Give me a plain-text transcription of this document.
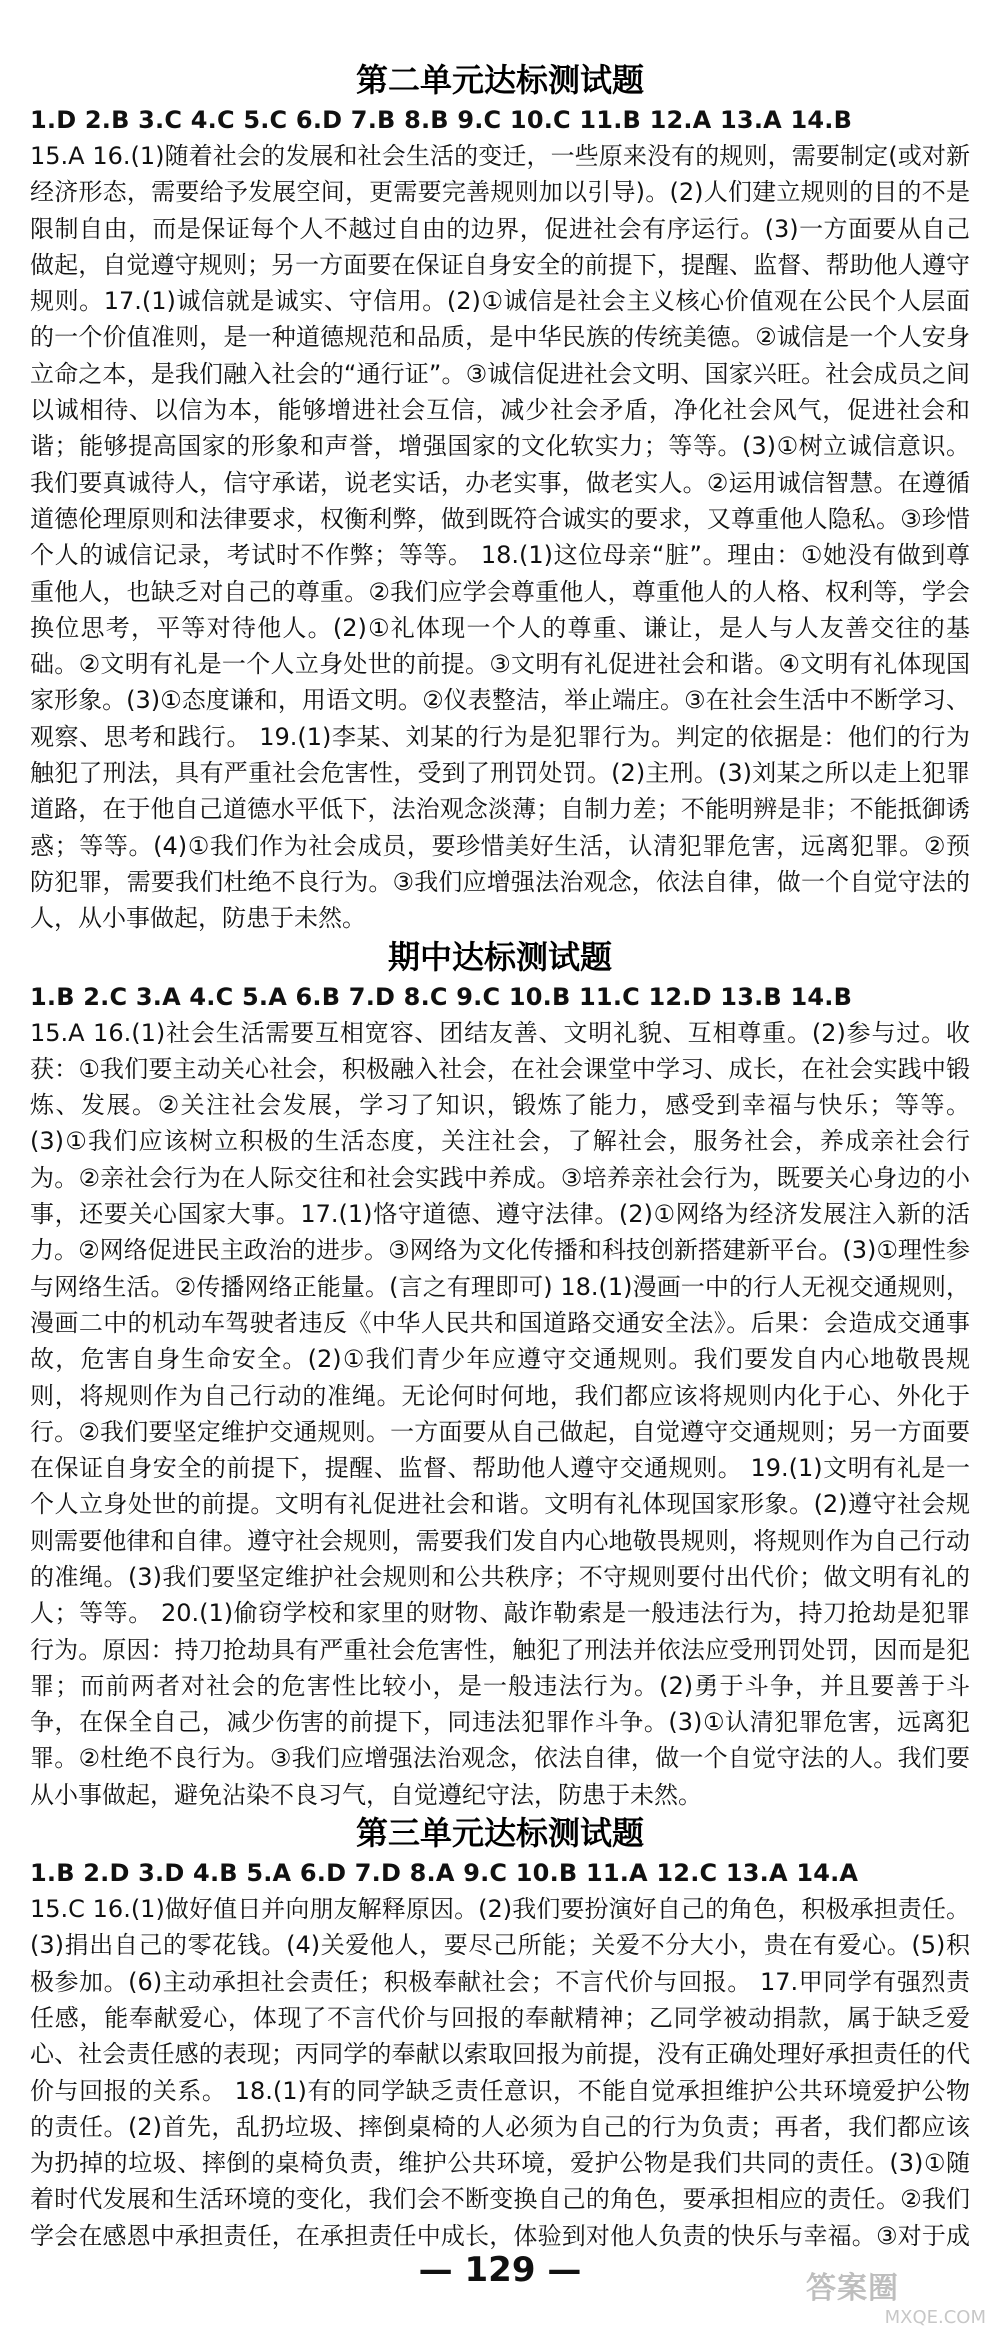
第二单元达标测试题
1.D 2.B 3.C 4.C 5.C 6.D 7.B 8.B 9.C 10.C 11.B 12.A 13.A 14.B

15.A 16.(1)随着社会的发展和社会生活的变迁，一些原来没有的规则，需要制定(或对新经济形态，需要给予发展空间，更需要完善规则加以引导)。(2)人们建立规则的目的不是限制自由，而是保证每个人不越过自由的边界，促进社会有序运行。(3)一方面要从自己做起，自觉遵守规则；另一方面要在保证自身安全的前提下，提醒、监督、帮助他人遵守规则。17.(1)诚信就是诚实、守信用。(2)①诚信是社会主义核心价值观在公民个人层面的一个价值准则，是一种道德规范和品质，是中华民族的传统美德。②诚信是一个人安身立命之本，是我们融入社会的“通行证”。③诚信促进社会文明、国家兴旺。社会成员之间以诚相待、以信为本，能够增进社会互信，减少社会矛盾，净化社会风气，促进社会和谐；能够提高国家的形象和声誉，增强国家的文化软实力；等等。(3)①树立诚信意识。我们要真诚待人，信守承诺，说老实话，办老实事，做老实人。②运用诚信智慧。在遵循道德伦理原则和法律要求，权衡利弊，做到既符合诚实的要求，又尊重他人隐私。③珍惜个人的诚信记录，考试时不作弊；等等。 18.(1)这位母亲“脏”。理由：①她没有做到尊重他人，也缺乏对自己的尊重。②我们应学会尊重他人，尊重他人的人格、权利等，学会换位思考，平等对待他人。(2)①礼体现一个人的尊重、谦让，是人与人友善交往的基础。②文明有礼是一个人立身处世的前提。③文明有礼促进社会和谐。④文明有礼体现国家形象。(3)①态度谦和，用语文明。②仪表整洁，举止端庄。③在社会生活中不断学习、观察、思考和践行。 19.(1)李某、刘某的行为是犯罪行为。判定的依据是：他们的行为触犯了刑法，具有严重社会危害性，受到了刑罚处罚。(2)主刑。(3)刘某之所以走上犯罪道路，在于他自己道德水平低下，法治观念淡薄；自制力差；不能明辨是非；不能抵御诱惑；等等。(4)①我们作为社会成员，要珍惜美好生活，认清犯罪危害，远离犯罪。②预防犯罪，需要我们杜绝不良行为。③我们应增强法治观念，依法自律，做一个自觉守法的人，从小事做起，防患于未然。

期中达标测试题
1.B 2.C 3.A 4.C 5.A 6.B 7.D 8.C 9.C 10.B 11.C 12.D 13.B 14.B

15.A 16.(1)社会生活需要互相宽容、团结友善、文明礼貌、互相尊重。(2)参与过。收获：①我们要主动关心社会，积极融入社会，在社会课堂中学习、成长，在社会实践中锻炼、发展。②关注社会发展，学习了知识，锻炼了能力，感受到幸福与快乐；等等。(3)①我们应该树立积极的生活态度，关注社会，了解社会，服务社会，养成亲社会行为。②亲社会行为在人际交往和社会实践中养成。③培养亲社会行为，既要关心身边的小事，还要关心国家大事。17.(1)恪守道德、遵守法律。(2)①网络为经济发展注入新的活力。②网络促进民主政治的进步。③网络为文化传播和科技创新搭建新平台。(3)①理性参与网络生活。②传播网络正能量。(言之有理即可) 18.(1)漫画一中的行人无视交通规则，漫画二中的机动车驾驶者违反《中华人民共和国道路交通安全法》。后果：会造成交通事故，危害自身生命安全。(2)①我们青少年应遵守交通规则。我们要发自内心地敬畏规则，将规则作为自己行动的准绳。无论何时何地，我们都应该将规则内化于心、外化于行。②我们要坚定维护交通规则。一方面要从自己做起，自觉遵守交通规则；另一方面要在保证自身安全的前提下，提醒、监督、帮助他人遵守交通规则。 19.(1)文明有礼是一个人立身处世的前提。文明有礼促进社会和谐。文明有礼体现国家形象。(2)遵守社会规则需要他律和自律。遵守社会规则，需要我们发自内心地敬畏规则，将规则作为自己行动的准绳。(3)我们要坚定维护社会规则和公共秩序；不守规则要付出代价；做文明有礼的人；等等。 20.(1)偷窃学校和家里的财物、敲诈勒索是一般违法行为，持刀抢劫是犯罪行为。原因：持刀抢劫具有严重社会危害性，触犯了刑法并依法应受刑罚处罚，因而是犯罪；而前两者对社会的危害性比较小，是一般违法行为。(2)勇于斗争，并且要善于斗争，在保全自己，减少伤害的前提下，同违法犯罪作斗争。(3)①认清犯罪危害，远离犯罪。②杜绝不良行为。③我们应增强法治观念，依法自律，做一个自觉守法的人。我们要从小事做起，避免沾染不良习气，自觉遵纪守法，防患于未然。

第三单元达标测试题
1.B 2.D 3.D 4.B 5.A 6.D 7.D 8.A 9.C 10.B 11.A 12.C 13.A 14.A

15.C 16.(1)做好值日并向朋友解释原因。(2)我们要扮演好自己的角色，积极承担责任。(3)捐出自己的零花钱。(4)关爱他人，要尽己所能；关爱不分大小，贵在有爱心。(5)积极参加。(6)主动承担社会责任；积极奉献社会；不言代价与回报。 17.甲同学有强烈责任感，能奉献爱心，体现了不言代价与回报的奉献精神；乙同学被动捐款，属于缺乏爱心、社会责任感的表现；丙同学的奉献以索取回报为前提，没有正确处理好承担责任的代价与回报的关系。 18.(1)有的同学缺乏责任意识，不能自觉承担维护公共环境爱护公物的责任。(2)首先，乱扔垃圾、摔倒桌椅的人必须为自己的行为负责；再者，我们都应该为扔掉的垃圾、摔倒的桌椅负责，维护公共环境，爱护公物是我们共同的责任。(3)①随着时代发展和生活环境的变化，我们会不断变换自己的角色，要承担相应的责任。②我们学会在感恩中承担责任，在承担责任中成长，体验到对他人负责的快乐与幸福。③对于成

— 129 —	答案圈
MXQE.COM
